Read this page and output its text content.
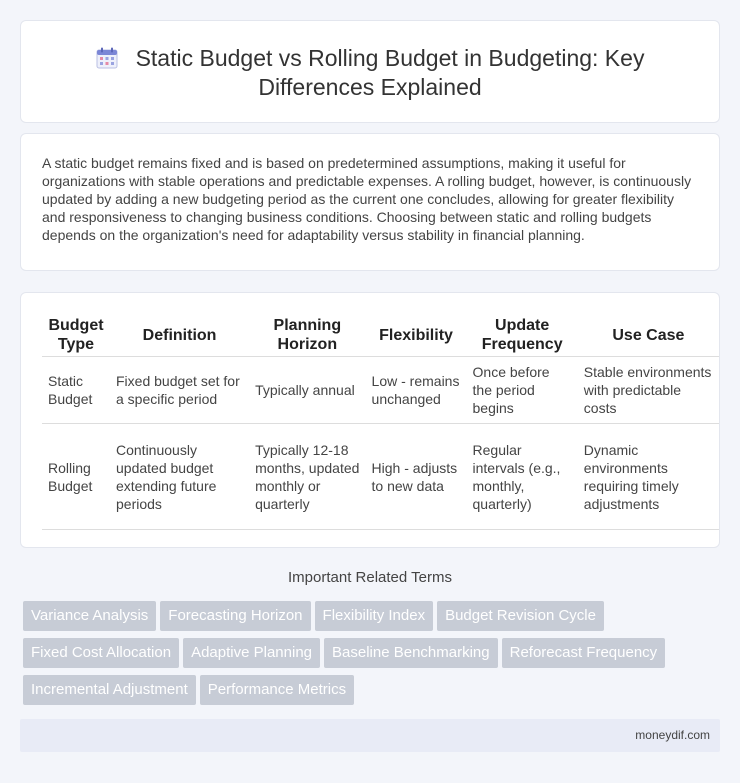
Static Budget vs Rolling Budget in Budgeting: Key Differences Explained

A static budget remains fixed and is based on predetermined assumptions, making it useful for organizations with stable operations and predictable expenses. A rolling budget, however, is continuously updated by adding a new budgeting period as the current one concludes, allowing for greater flexibility and responsiveness to changing business conditions. Choosing between static and rolling budgets depends on the organization's need for adaptability versus stability in financial planning.

Budget Type	Definition	Planning Horizon	Flexibility	Update Frequency	Use Case
Static Budget	Fixed budget set for a specific period	Typically annual	Low - remains unchanged	Once before the period begins	Stable environments with predictable costs
Rolling Budget	Continuously updated budget extending future periods	Typically 12-18 months, updated monthly or quarterly	High - adjusts to new data	Regular intervals (e.g., monthly, quarterly)	Dynamic environments requiring timely adjustments
Important Related Terms
Variance Analysis	Forecasting Horizon	Flexibility Index	Budget Revision Cycle
Fixed Cost Allocation	Adaptive Planning	Baseline Benchmarking	Reforecast Frequency
Incremental Adjustment	Performance Metrics
moneydif.com
